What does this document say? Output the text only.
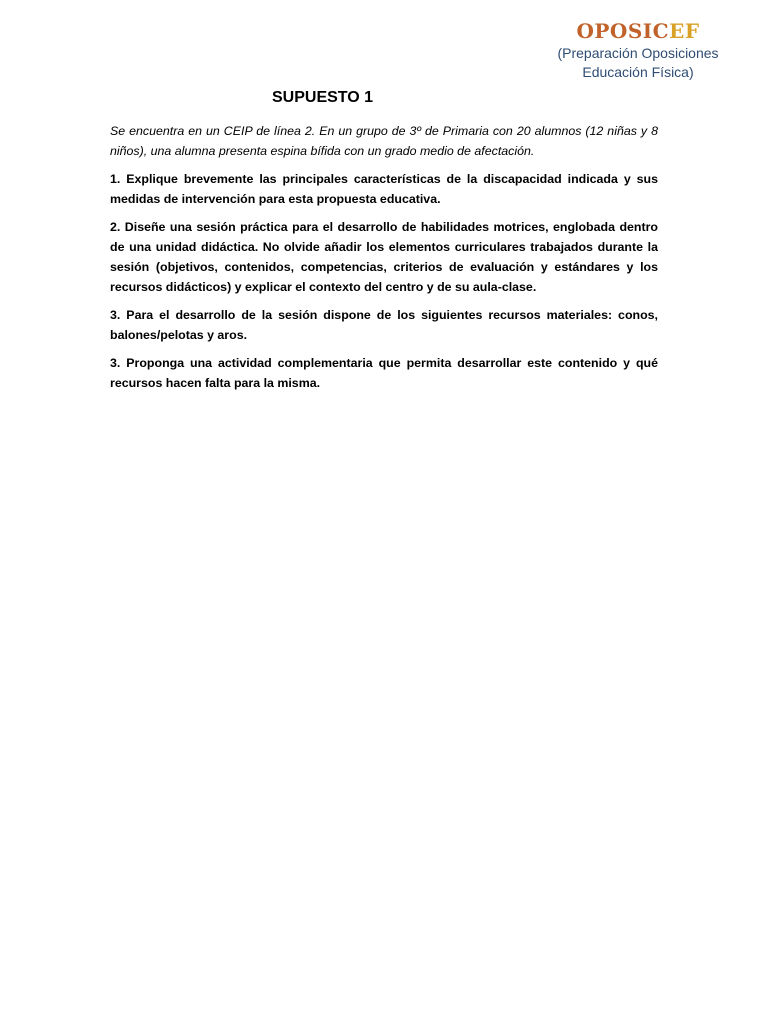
OPOSICEF
(Preparación Oposiciones
Educación Física)
SUPUESTO 1

Se encuentra en un CEIP de línea 2. En un grupo de 3º de Primaria con 20 alumnos (12 niñas y 8 niños), una alumna presenta espina bífida con un grado medio de afectación.

1. Explique brevemente las principales características de la discapacidad indicada y sus medidas de intervención para esta propuesta educativa.

2. Diseñe una sesión práctica para el desarrollo de habilidades motrices, englobada dentro de una unidad didáctica. No olvide añadir los elementos curriculares trabajados durante la sesión (objetivos, contenidos, competencias, criterios de evaluación y estándares y los recursos didácticos) y explicar el contexto del centro y de su aula-clase.

3. Para el desarrollo de la sesión dispone de los siguientes recursos materiales: conos, balones/pelotas y aros.

3. Proponga una actividad complementaria que permita desarrollar este contenido y qué recursos hacen falta para la misma.
